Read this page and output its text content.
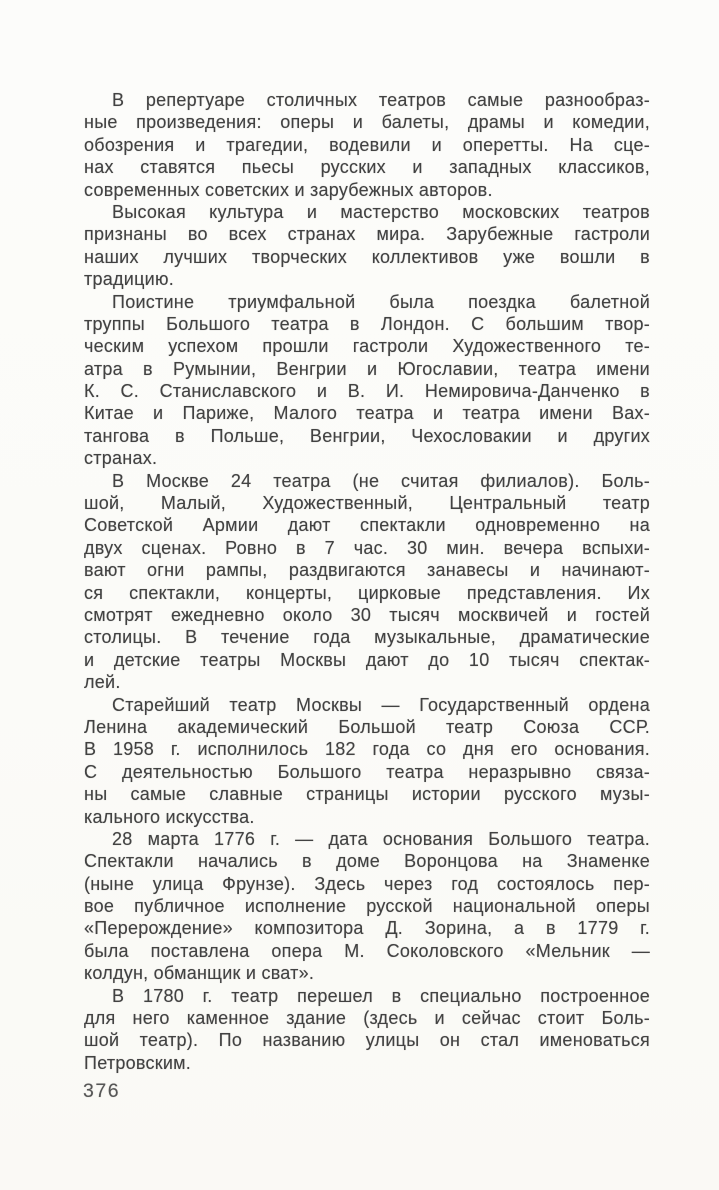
В репертуаре столичных театров самые разнообраз-
ные произведения: оперы и балеты, драмы и комедии,
обозрения и трагедии, водевили и оперетты. На сце-
нах ставятся пьесы русских и западных классиков,
современных советских и зарубежных авторов.
Высокая культура и мастерство московских театров
признаны во всех странах мира. Зарубежные гастроли
наших лучших творческих коллективов уже вошли в
традицию.
Поистине триумфальной была поездка балетной
труппы Большого театра в Лондон. С большим твор-
ческим успехом прошли гастроли Художественного те-
атра в Румынии, Венгрии и Югославии, театра имени
К. С. Станиславского и В. И. Немировича-Данченко в
Китае и Париже, Малого театра и театра имени Вах-
тангова в Польше, Венгрии, Чехословакии и других
странах.
В Москве 24 театра (не считая филиалов). Боль-
шой, Малый, Художественный, Центральный театр
Советской Армии дают спектакли одновременно на
двух сценах. Ровно в 7 час. 30 мин. вечера вспыхи-
вают огни рампы, раздвигаются занавесы и начинают-
ся спектакли, концерты, цирковые представления. Их
смотрят ежедневно около 30 тысяч москвичей и гостей
столицы. В течение года музыкальные, драматические
и детские театры Москвы дают до 10 тысяч спектак-
лей.
Старейший театр Москвы — Государственный ордена
Ленина академический Большой театр Союза ССР.
В 1958 г. исполнилось 182 года со дня его основания.
С деятельностью Большого театра неразрывно связа-
ны самые славные страницы истории русского музы-
кального искусства.
28 марта 1776 г. — дата основания Большого театра.
Спектакли начались в доме Воронцова на Знаменке
(ныне улица Фрунзе). Здесь через год состоялось пер-
вое публичное исполнение русской национальной оперы
«Перерождение» композитора Д. Зорина, а в 1779 г.
была поставлена опера М. Соколовского «Мельник —
колдун, обманщик и сват».
В 1780 г. театр перешел в специально построенное
для него каменное здание (здесь и сейчас стоит Боль-
шой театр). По названию улицы он стал именоваться
Петровским.
376
